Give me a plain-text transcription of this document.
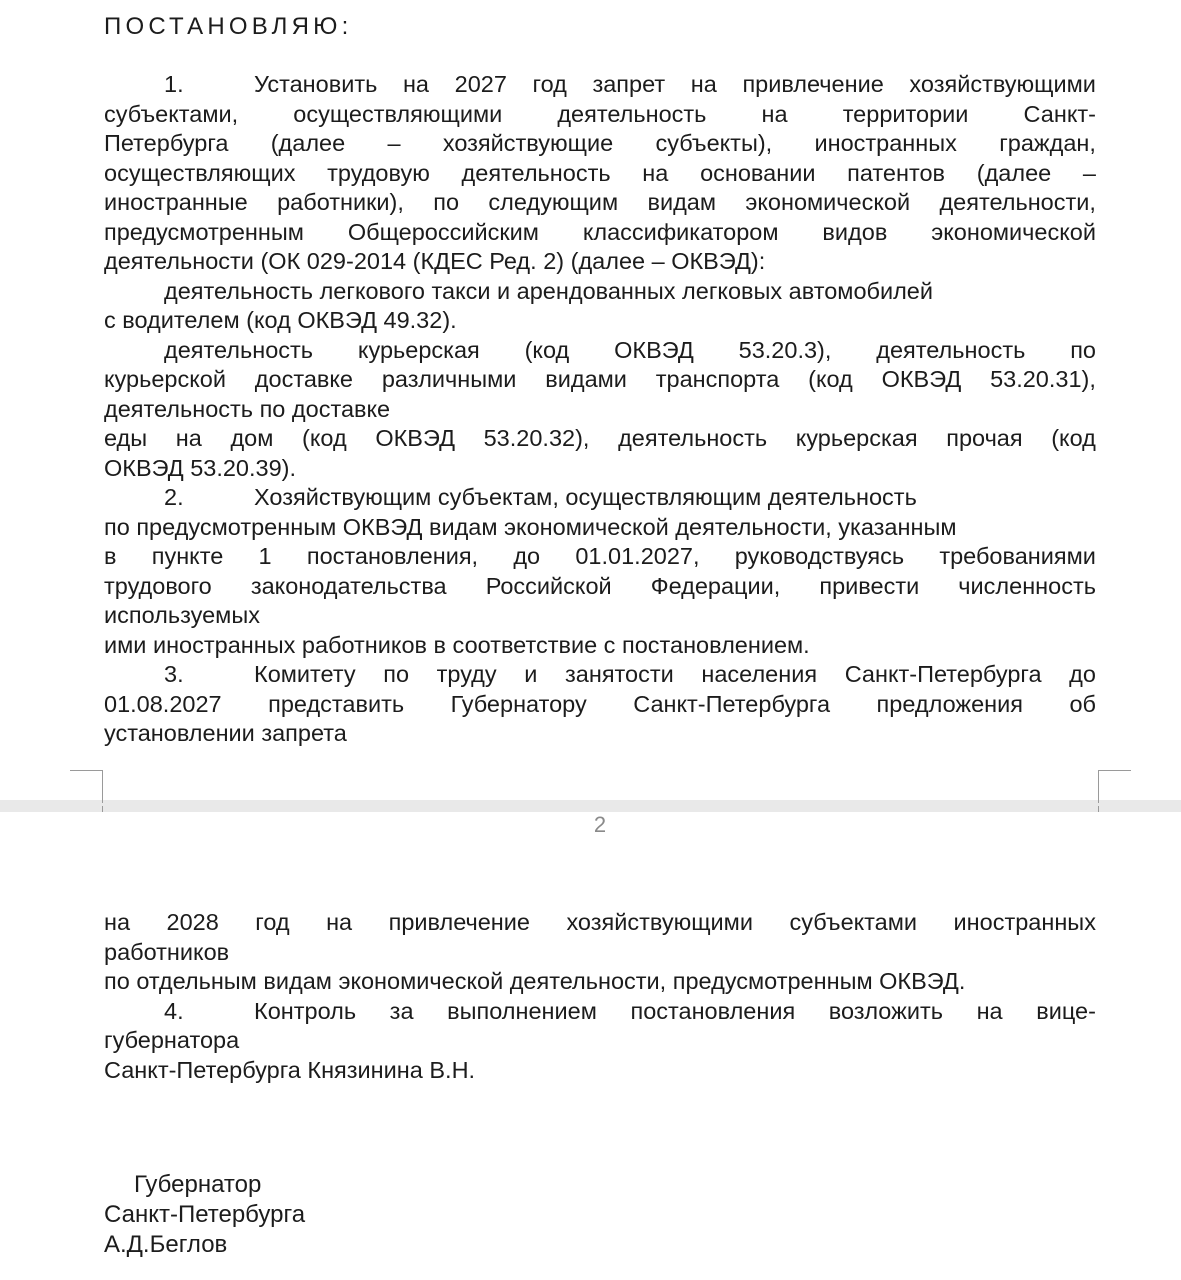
ПОСТАНОВЛЯЮ:
1.	Установить на 2027 год запрет на привлечение хозяйствующими
субъектами, осуществляющими деятельность на территории Санкт-
Петербурга (далее – хозяйствующие субъекты), иностранных граждан,
осуществляющих трудовую деятельность на основании патентов (далее –
иностранные работники), по следующим видам экономической деятельности,
предусмотренным Общероссийским классификатором видов экономической
деятельности (ОК 029-2014 (КДЕС Ред. 2) (далее – ОКВЭД):
деятельность легкового такси и арендованных легковых автомобилей
с водителем (код ОКВЭД 49.32).
деятельность курьерская (код ОКВЭД 53.20.3), деятельность по
курьерской доставке различными видами транспорта (код ОКВЭД 53.20.31),
деятельность по доставке
еды на дом (код ОКВЭД 53.20.32), деятельность курьерская прочая (код
ОКВЭД 53.20.39).
2.	Хозяйствующим субъектам, осуществляющим деятельность
по предусмотренным ОКВЭД видам экономической деятельности, указанным
в пункте 1 постановления, до 01.01.2027, руководствуясь требованиями
трудового законодательства Российской Федерации, привести численность
используемых
ими иностранных работников в соответствие с постановлением.
3.	Комитету по труду и занятости населения Санкт-Петербурга до
01.08.2027 представить Губернатору Санкт-Петербурга предложения об
установлении запрета
2
на 2028 год на привлечение хозяйствующими субъектами иностранных
работников
по отдельным видам экономической деятельности, предусмотренным ОКВЭД.
4.	Контроль за выполнением постановления возложить на вице-
губернатора
Санкт-Петербурга Князинина В.Н.
Губернатор
Санкт-Петербурга
А.Д.Беглов
